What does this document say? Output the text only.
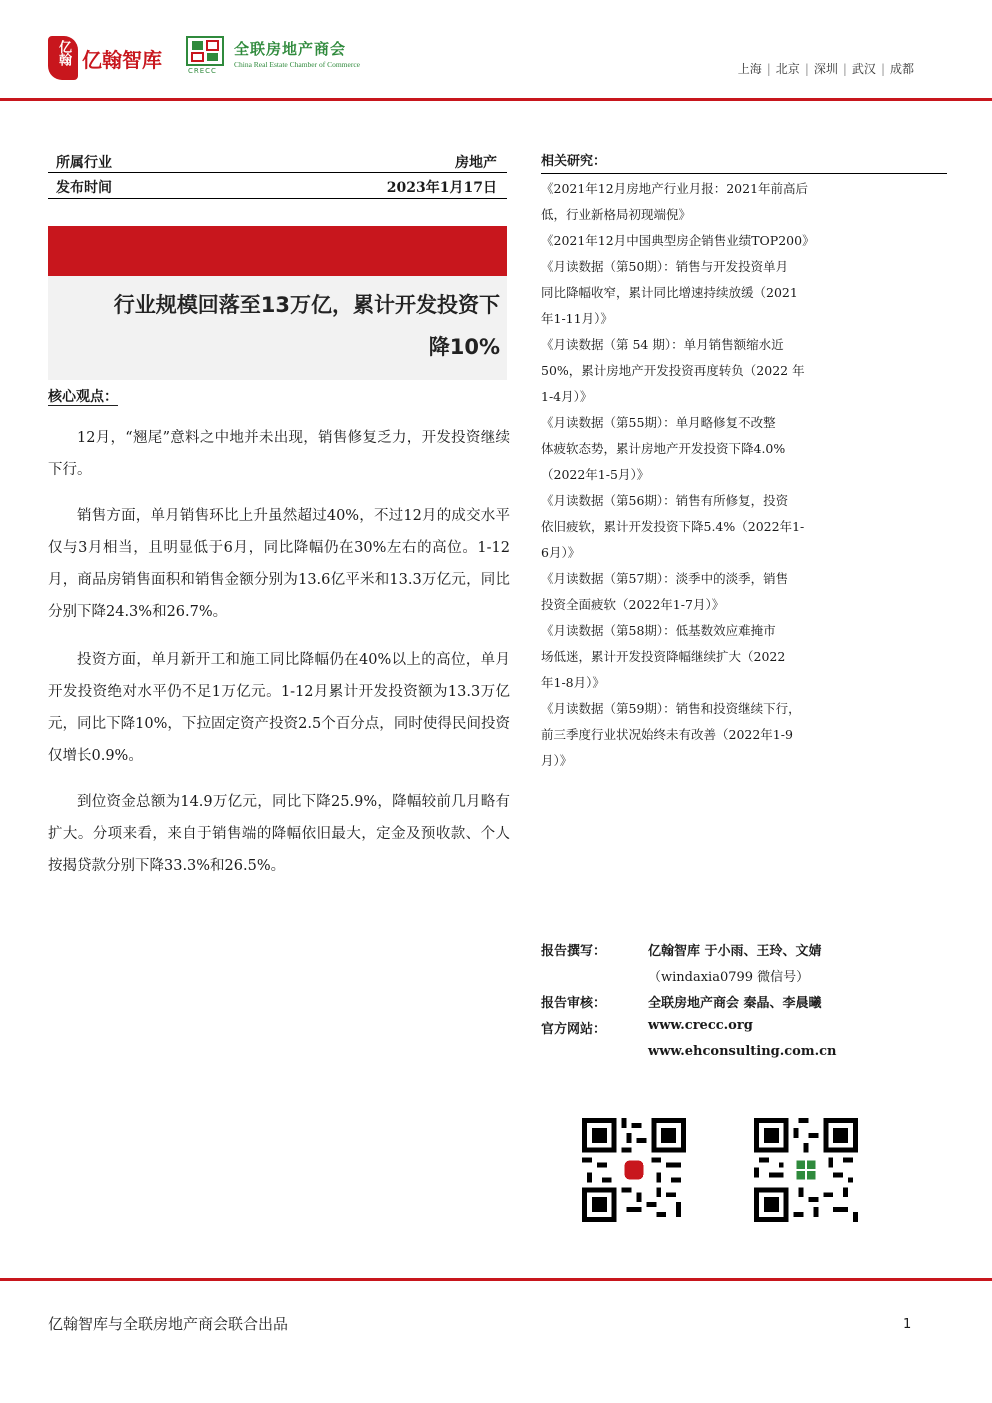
亿翰 亿翰智库	CRECC
全联房地产商会
China Real Estate Chamber of Commerce	上海 | 北京 | 深圳 | 武汉 | 成都
所属行业	房地产
发布时间	2023年1月17日
行业规模回落至13万亿，累计开发投资下
降10%
核心观点：
12月，“翘尾”意料之中地并未出现，销售修复乏力，开发投资继续下行。
销售方面，单月销售环比上升虽然超过40%，不过12月的成交水平仅与3月相当，且明显低于6月，同比降幅仍在30%左右的高位。1-12月，商品房销售面积和销售金额分别为13.6亿平米和13.3万亿元，同比分别下降24.3%和26.7%。
投资方面，单月新开工和施工同比降幅仍在40%以上的高位，单月开发投资绝对水平仍不足1万亿元。1-12月累计开发投资额为13.3万亿元，同比下降10%，下拉固定资产投资2.5个百分点，同时使得民间投资仅增长0.9%。
到位资金总额为14.9万亿元，同比下降25.9%，降幅较前几月略有扩大。分项来看，来自于销售端的降幅依旧最大，定金及预收款、个人按揭贷款分别下降33.3%和26.5%。
相关研究：
《2021年12月房地产行业月报：2021年前高后
低，行业新格局初现端倪》
《2021年12月中国典型房企销售业绩TOP200》
《月读数据（第50期）：销售与开发投资单月
同比降幅收窄，累计同比增速持续放缓（2021
年1-11月）》
《月读数据（第 54 期）：单月销售额缩水近
50%，累计房地产开发投资再度转负（2022 年
1-4月）》
《月读数据（第55期）：单月略修复不改整
体疲软态势，累计房地产开发投资下降4.0%
（2022年1-5月）》
《月读数据（第56期）：销售有所修复，投资
依旧疲软，累计开发投资下降5.4%（2022年1-
6月）》
《月读数据（第57期）：淡季中的淡季，销售
投资全面疲软（2022年1-7月）》
《月读数据（第58期）：低基数效应难掩市
场低迷，累计开发投资降幅继续扩大（2022
年1-8月）》
《月读数据（第59期）：销售和投资继续下行，
前三季度行业状况始终未有改善（2022年1-9
月）》
报告撰写：	亿翰智库 于小雨、王玲、文婧
（windaxia0799 微信号）
报告审核：	全联房地产商会 秦晶、李晨曦
官方网站：	www.crecc.org
www.ehconsulting.com.cn
亿翰智库与全联房地产商会联合出品	1
